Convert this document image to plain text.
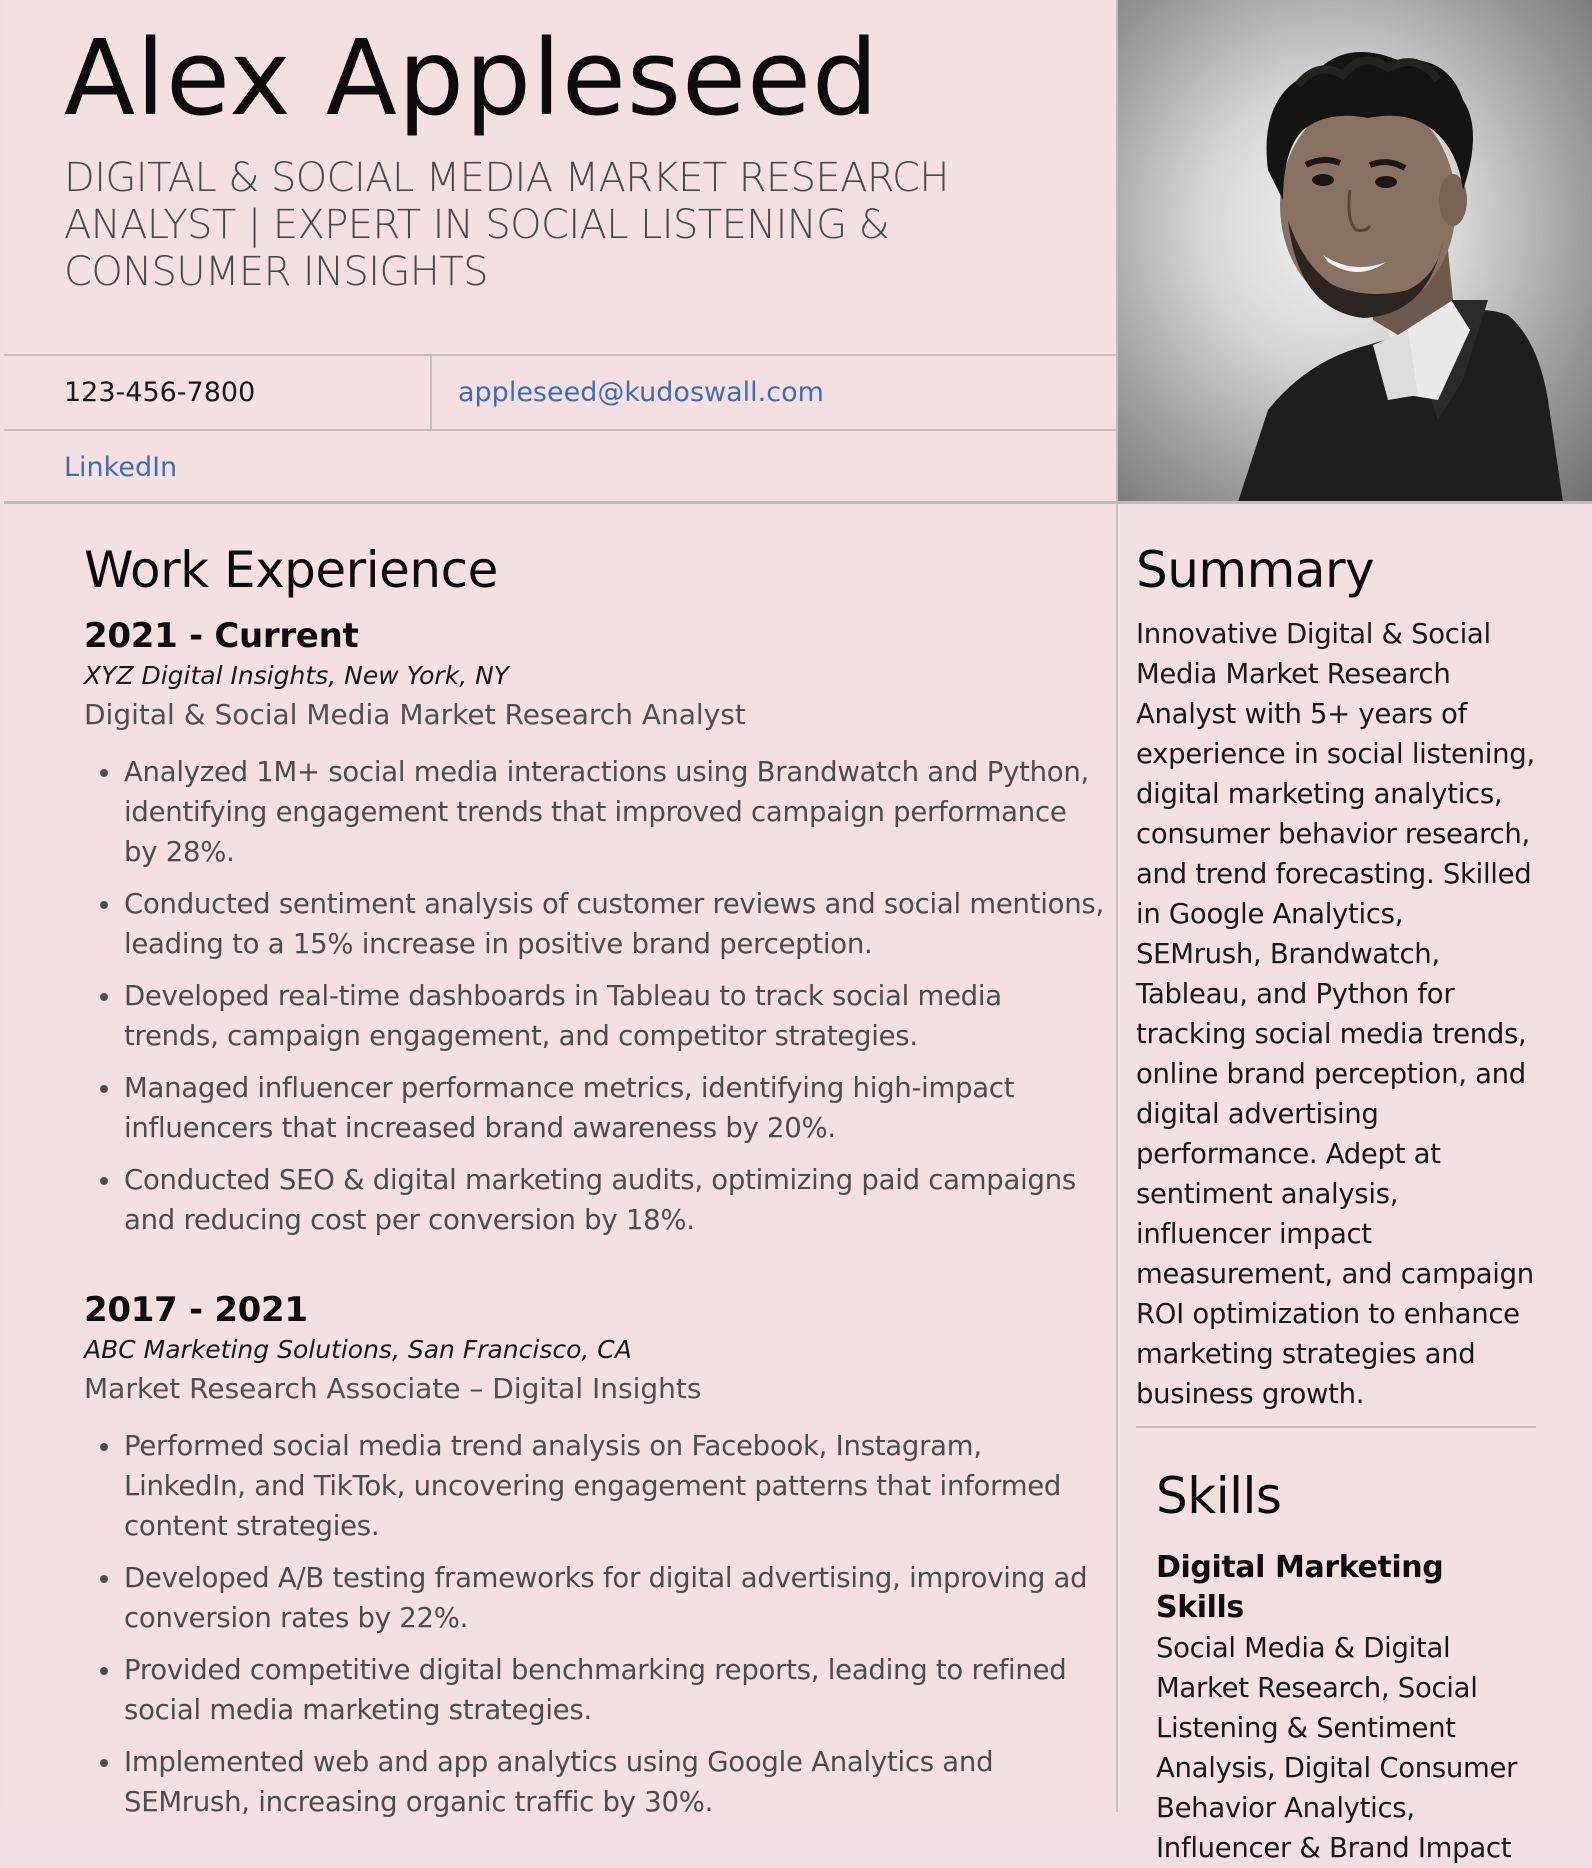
Alex Appleseed

DIGITAL & SOCIAL MEDIA MARKET RESEARCH ANALYST | EXPERT IN SOCIAL LISTENING & CONSUMER INSIGHTS

123-456-7800	appleseed@kudoswall.com
LinkedIn
Work Experience

2021 - Current

XYZ Digital Insights, New York, NY

Digital & Social Media Market Research Analyst

Analyzed 1M+ social media interactions using Brandwatch and Python, identifying engagement trends that improved campaign performance by 28%.
Conducted sentiment analysis of customer reviews and social mentions, leading to a 15% increase in positive brand perception.
Developed real-time dashboards in Tableau to track social media trends, campaign engagement, and competitor strategies.
Managed influencer performance metrics, identifying high-impact influencers that increased brand awareness by 20%.
Conducted SEO & digital marketing audits, optimizing paid campaigns and reducing cost per conversion by 18%.

2017 - 2021

ABC Marketing Solutions, San Francisco, CA

Market Research Associate – Digital Insights

Performed social media trend analysis on Facebook, Instagram, LinkedIn, and TikTok, uncovering engagement patterns that informed content strategies.
Developed A/B testing frameworks for digital advertising, improving ad conversion rates by 22%.
Provided competitive digital benchmarking reports, leading to refined social media marketing strategies.
Implemented web and app analytics using Google Analytics and SEMrush, increasing organic traffic by 30%.
Summary

Innovative Digital & Social Media Market Research Analyst with 5+ years of experience in social listening, digital marketing analytics, consumer behavior research, and trend forecasting. Skilled in Google Analytics, SEMrush, Brandwatch, Tableau, and Python for tracking social media trends, online brand perception, and digital advertising performance. Adept at sentiment analysis, influencer impact measurement, and campaign ROI optimization to enhance marketing strategies and business growth.

Skills

Digital Marketing Skills

Social Media & Digital Market Research, Social Listening & Sentiment Analysis, Digital Consumer Behavior Analytics, Influencer & Brand Impact
